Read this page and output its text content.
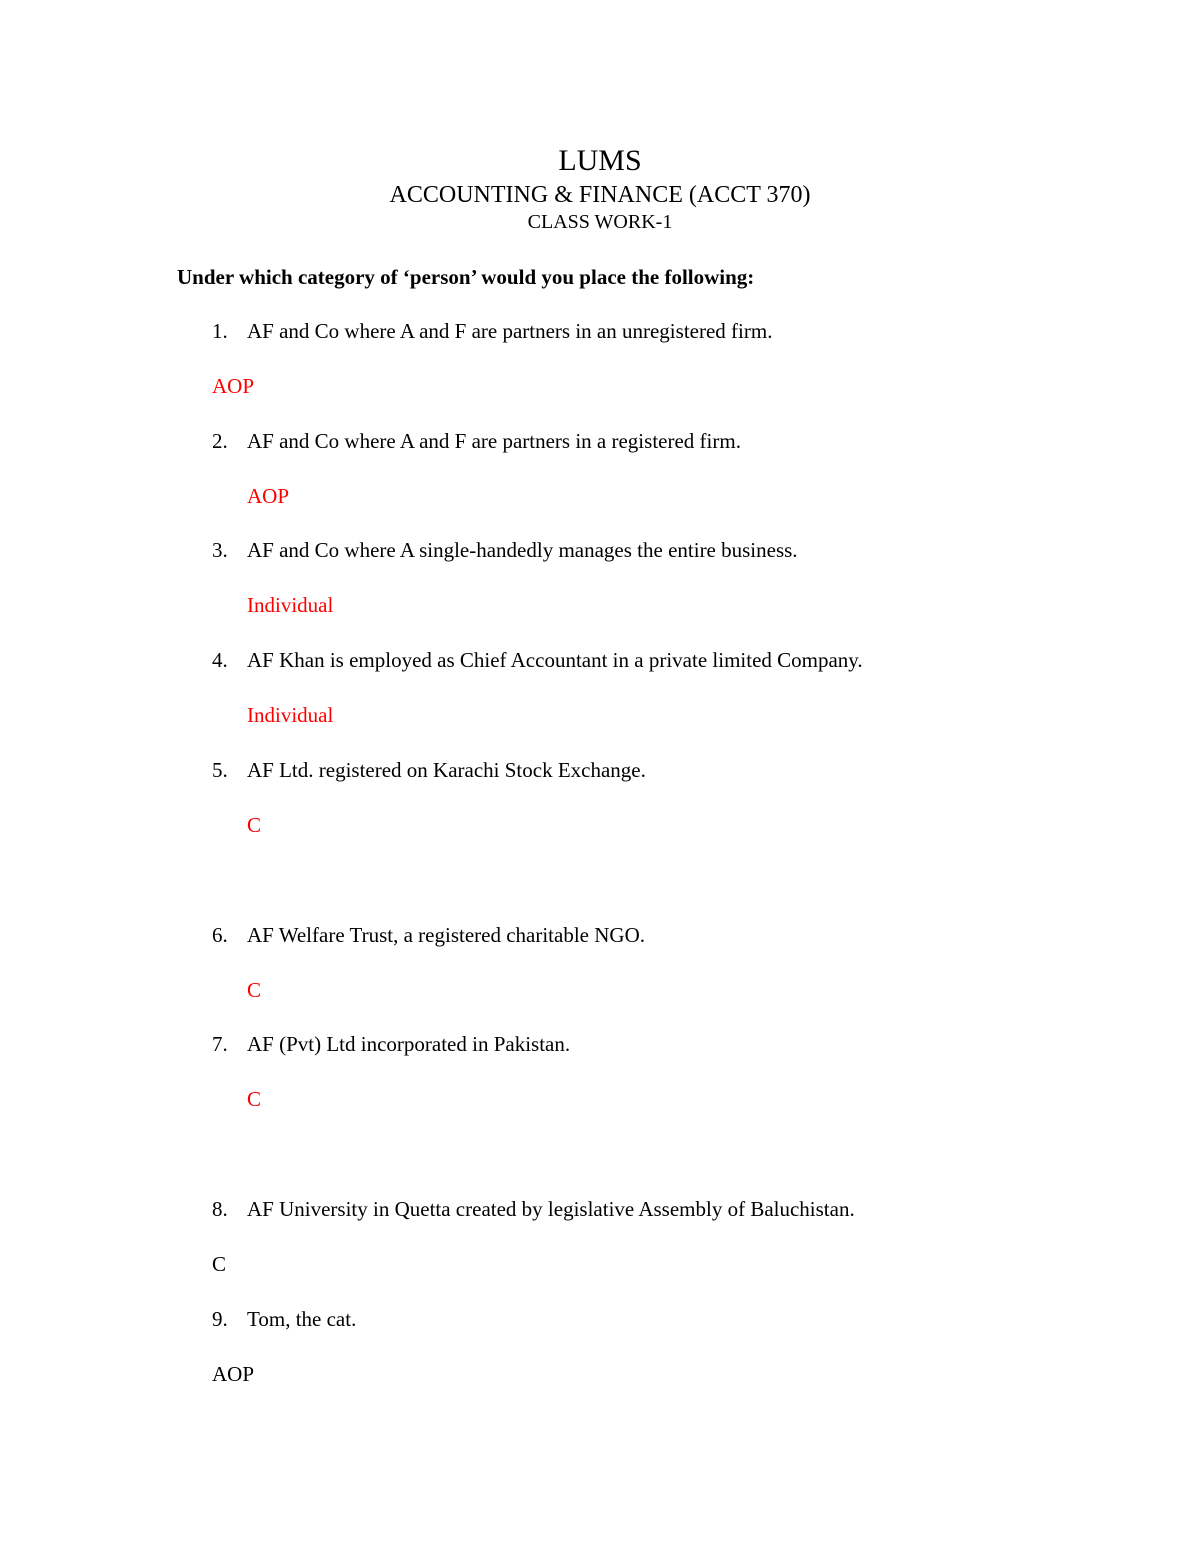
LUMS
ACCOUNTING & FINANCE (ACCT 370)
CLASS WORK-1
Under which category of ‘person’ would you place the following:
1. AF and Co where A and F are partners in an unregistered firm.
AOP
2. AF and Co where A and F are partners in a registered firm.
AOP
3. AF and Co where A single-handedly manages the entire business.
Individual
4. AF Khan is employed as Chief Accountant in a private limited Company.
Individual
5. AF Ltd. registered on Karachi Stock Exchange.
C
6. AF Welfare Trust, a registered charitable NGO.
C
7. AF (Pvt) Ltd incorporated in Pakistan.
C
8. AF University in Quetta created by legislative Assembly of Baluchistan.
C
9. Tom, the cat.
AOP
